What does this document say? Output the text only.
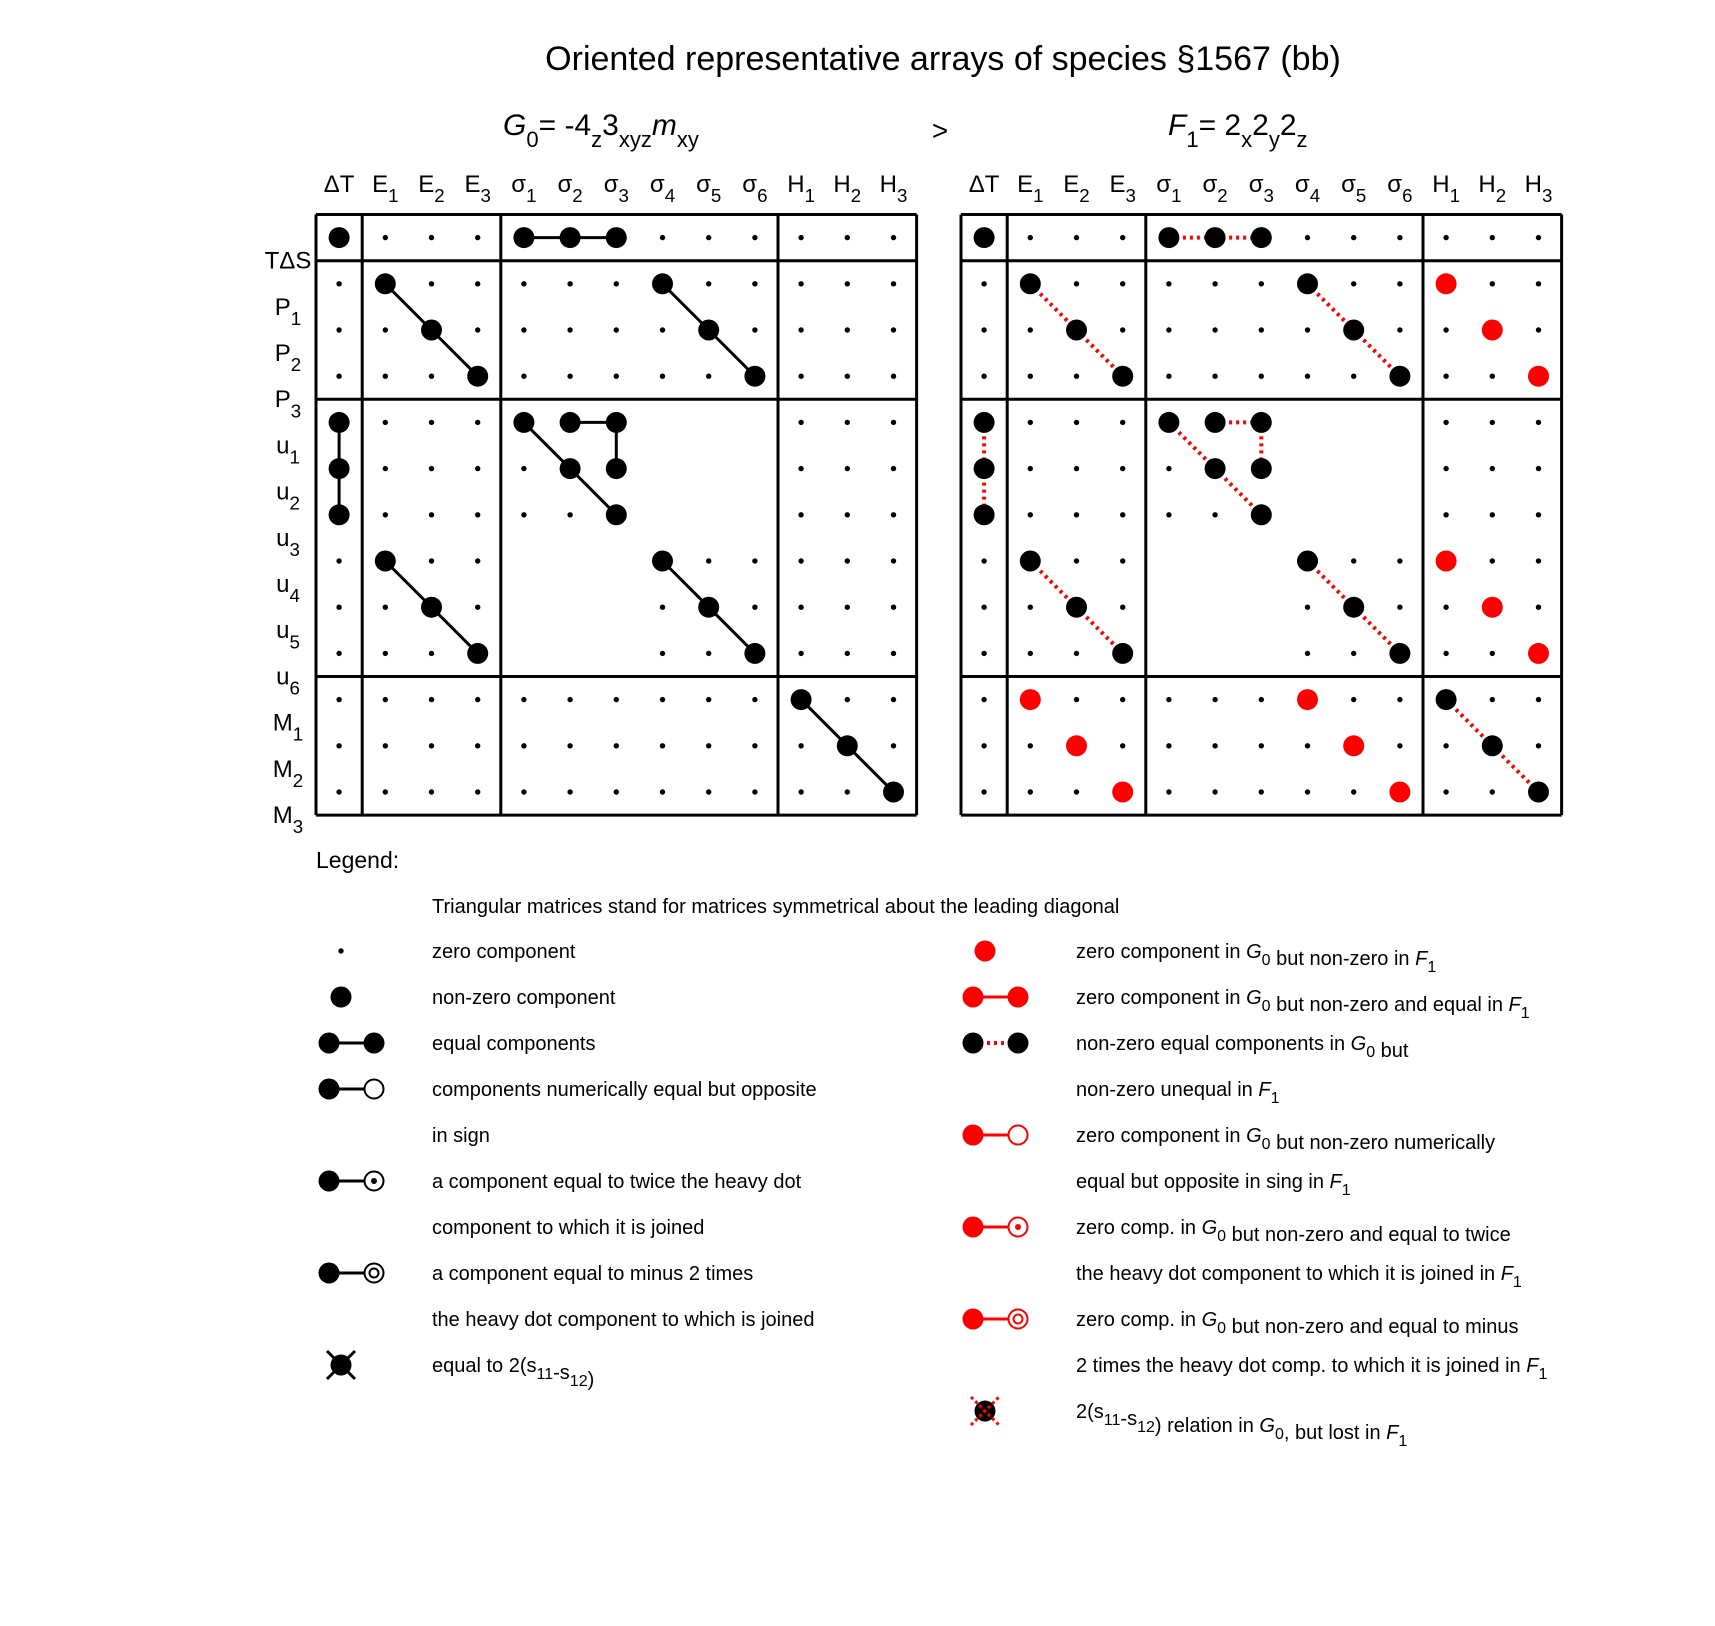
Oriented representative arrays of species §1567 (bb)
$G_0= -4_z3_{xyz}m_{xy}$	>	$F_1= 2_x2_y2_z$
ΔT $E_1$ $E_2$ $E_3$ $\sigma_1$ $\sigma_2$ $\sigma_3$ $\sigma_4$ $\sigma_5$ $\sigma_6$ $H_1$ $H_2$ $H_3$
TΔS
$P_1$
$P_2$
$P_3$
$u_1$
$u_2$
$u_3$
$u_4$
$u_5$
$u_6$
$M_1$
$M_2$
$M_3$
ΔT $E_1$ $E_2$ $E_3$ $\sigma_1$ $\sigma_2$ $\sigma_3$ $\sigma_4$ $\sigma_5$ $\sigma_6$ $H_1$ $H_2$ $H_3$
Legend:
Triangular matrices stand for matrices symmetrical about the leading diagonal
zero component
non-zero component
equal components
components numerically equal but opposite
in sign
a component equal to twice the heavy dot
component to which it is joined
a component equal to minus 2 times
the heavy dot component to which is joined
equal to $2(s_{11}-s_{12})$
zero component in $G_0$ but non-zero in $F_1$
zero component in $G_0$ but non-zero and equal in $F_1$
non-zero equal components in $G_0$ but
non-zero unequal in $F_1$
zero component in $G_0$ but non-zero numerically
equal but opposite in sing in $F_1$
zero comp. in $G_0$ but non-zero and equal to twice
the heavy dot component to which it is joined in $F_1$
zero comp. in $G_0$ but non-zero and equal to minus
2 times the heavy dot comp. to which it is joined in $F_1$
$2(s_{11}-s_{12})$ relation in $G_0$, but lost in $F_1$
